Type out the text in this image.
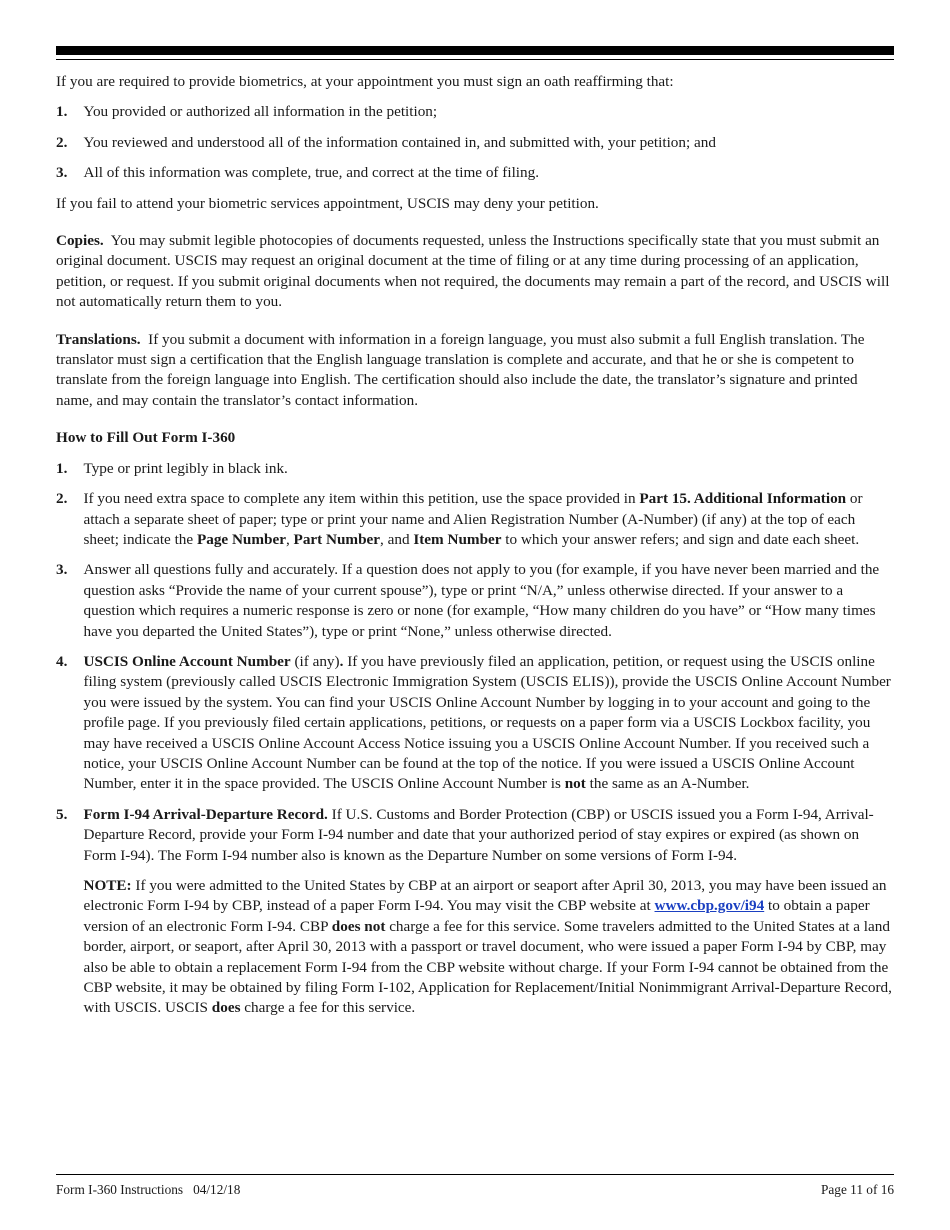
If you are required to provide biometrics, at your appointment you must sign an oath reaffirming that:

1. You provided or authorized all information in the petition;
2. You reviewed and understood all of the information contained in, and submitted with, your petition; and
3. All of this information was complete, true, and correct at the time of filing.

If you fail to attend your biometric services appointment, USCIS may deny your petition.

Copies. You may submit legible photocopies of documents requested, unless the Instructions specifically state that you must submit an original document. USCIS may request an original document at the time of filing or at any time during processing of an application, petition, or request. If you submit original documents when not required, the documents may remain a part of the record, and USCIS will not automatically return them to you.

Translations. If you submit a document with information in a foreign language, you must also submit a full English translation. The translator must sign a certification that the English language translation is complete and accurate, and that he or she is competent to translate from the foreign language into English. The certification should also include the date, the translator’s signature and printed name, and may contain the translator’s contact information.

How to Fill Out Form I-360

1. Type or print legibly in black ink.
2. If you need extra space to complete any item within this petition, use the space provided in Part 15. Additional Information or attach a separate sheet of paper; type or print your name and Alien Registration Number (A-Number) (if any) at the top of each sheet; indicate the Page Number, Part Number, and Item Number to which your answer refers; and sign and date each sheet.
3. Answer all questions fully and accurately. If a question does not apply to you (for example, if you have never been married and the question asks “Provide the name of your current spouse”), type or print “N/A,” unless otherwise directed. If your answer to a question which requires a numeric response is zero or none (for example, “How many children do you have” or “How many times have you departed the United States”), type or print “None,” unless otherwise directed.
4. USCIS Online Account Number (if any). If you have previously filed an application, petition, or request using the USCIS online filing system (previously called USCIS Electronic Immigration System (USCIS ELIS)), provide the USCIS Online Account Number you were issued by the system. You can find your USCIS Online Account Number by logging in to your account and going to the profile page. If you previously filed certain applications, petitions, or requests on a paper form via a USCIS Lockbox facility, you may have received a USCIS Online Account Access Notice issuing you a USCIS Online Account Number. If you received such a notice, your USCIS Online Account Number can be found at the top of the notice. If you were issued a USCIS Online Account Number, enter it in the space provided. The USCIS Online Account Number is not the same as an A-Number.
5. Form I-94 Arrival-Departure Record. If U.S. Customs and Border Protection (CBP) or USCIS issued you a Form I-94, Arrival-Departure Record, provide your Form I-94 number and date that your authorized period of stay expires or expired (as shown on Form I-94). The Form I-94 number also is known as the Departure Number on some versions of Form I-94.

NOTE: If you were admitted to the United States by CBP at an airport or seaport after April 30, 2013, you may have been issued an electronic Form I-94 by CBP, instead of a paper Form I-94. You may visit the CBP website at www.cbp.gov/i94 to obtain a paper version of an electronic Form I-94. CBP does not charge a fee for this service. Some travelers admitted to the United States at a land border, airport, or seaport, after April 30, 2013 with a passport or travel document, who were issued a paper Form I-94 by CBP, may also be able to obtain a replacement Form I-94 from the CBP website without charge. If your Form I-94 cannot be obtained from the CBP website, it may be obtained by filing Form I-102, Application for Replacement/Initial Nonimmigrant Arrival-Departure Record, with USCIS. USCIS does charge a fee for this service.

Form I-360 Instructions 04/12/18	Page 11 of 16
